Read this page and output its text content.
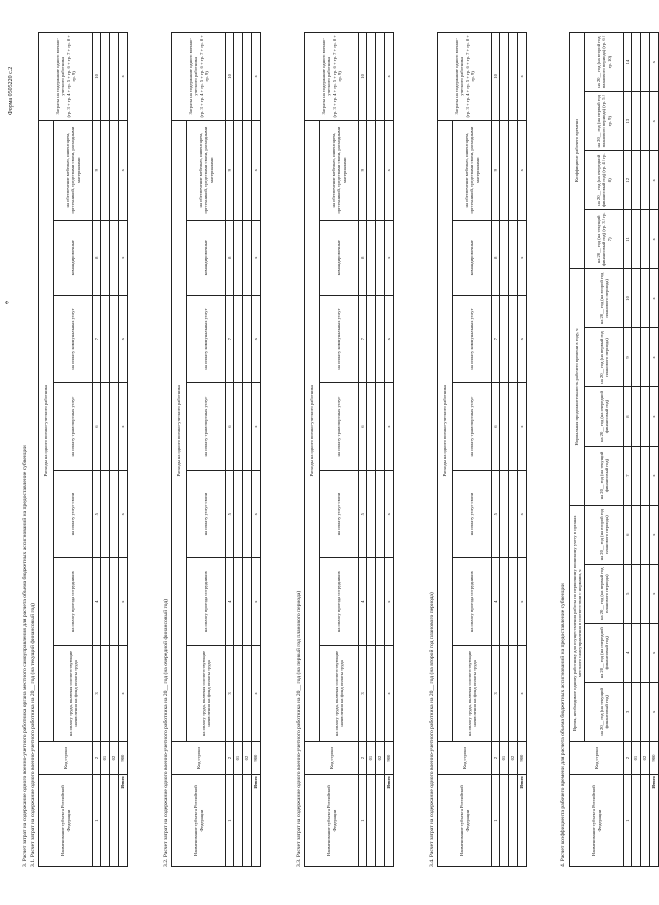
Форма 0505220 с.2
3. Расчет затрат на содержание одного военно-учетного работника органа местного самоуправления для расчета объема бюджетных ассигнований на предоставление субвенции 3.1. Расчет затрат на содержание одного военно-учетного работника на 20__ год (на текущий финансовый год)	Наименование субъекта Российской Федерации	Код строки	Расходы на одного военно-учетного работника							Затраты на содержание одного военно-учетного работника
(гр. 3 + гр. 4 + гр. 5 + гр. 6 + гр. 7 + гр. 8 + гр. 9)
		на оплату труда, включая соответствующие начисления на фонд оплаты труда	на оплату проезда сотрудников	на оплату услуг связи	на оплату транспортных услуг	на оплату коммунальных услуг	командировочные	на обеспечение мебелью, инвентарем, оргтехникой, средствами связи, расходными материалами	
1	2	3	4	5	6	7	8	9	10
	01								
	02								
Итого	900	x	x	x	x	x	x	x	x
3.2. Расчет затрат на содержание одного военно-учетного работника на 20__ год (на очередной финансовый год)	Наименование субъекта Российской Федерации	Код строки	Расходы на одного военно-учетного работника							Затраты на содержание одного военно-учетного работника
(гр. 3 + гр. 4 + гр. 5 + гр. 6 + гр. 7 + гр. 8 + гр. 9)
		на оплату труда, включая соответствующие начисления на фонд оплаты труда	на оплату проезда сотрудников	на оплату услуг связи	на оплату транспортных услуг	на оплату коммунальных услуг	командировочные	на обеспечение мебелью, инвентарем, оргтехникой, средствами связи, расходными материалами	
1	2	3	4	5	6	7	8	9	10
	01								
	02								
Итого	900	x	x	x	x	x	x	x	x
3.3. Расчет затрат на содержание одного военно-учетного работника на 20__ год (на первый год планового периода)	Наименование субъекта Российской Федерации	Код строки	Расходы на одного военно-учетного работника							Затраты на содержание одного военно-учетного работника
(гр. 3 + гр. 4 + гр. 5 + гр. 6 + гр. 7 + гр. 8 + гр. 9)
		на оплату труда, включая соответствующие начисления на фонд оплаты труда	на оплату проезда сотрудников	на оплату услуг связи	на оплату транспортных услуг	на оплату коммунальных услуг	командировочные	на обеспечение мебелью, инвентарем, оргтехникой, средствами связи, расходными материалами	
1	2	3	4	5	6	7	8	9	10
	01								
	02								
Итого	900	x	x	x	x	x	x	x	x
3.4. Расчет затрат на содержание одного военно-учетного работника на 20__ год (на второй год планового периода)	Наименование субъекта Российской Федерации	Код строки	Расходы на одного военно-учетного работника							Затраты на содержание одного военно-учетного работника
(гр. 3 + гр. 4 + гр. 5 + гр. 6 + гр. 7 + гр. 8 + гр. 9)
		на оплату труда, включая соответствующие начисления на фонд оплаты труда	на оплату проезда сотрудников	на оплату услуг связи	на оплату транспортных услуг	на оплату коммунальных услуг	командировочные	на обеспечение мебелью, инвентарем, оргтехникой, средствами связи, расходными материалами	
1	2	3	4	5	6	7	8	9	10
	01								
	02								
Итого	900	x	x	x	x	x	x	x	x
4. Расчет коэффициента рабочего времени для расчета объема бюджетных ассигнований на предоставление субвенции	Наименование субъекта Российской Федерации	Код строки	Время, необходимое одному работнику для осуществления работы по первичному воинскому учету в органах местного самоуправления в соответствии с нормами, ч				Нормальная продолжительность рабочего времени в году, ч				Коэффициент рабочего времени			
		на 20__ год (на текущий финансовый год)	на 20__ год (на очередной финансовый год)	на 20__ год (на первый год планового периода)	на 20__ год (на второй год планового периода)	на 20__ год (на текущий финансовый год)	на 20__ год (на очередной финансовый год)	на 20__ год (на первый год планового периода)	на 20__ год (на второй год планового периода)	на 20__ год (на текущий финансовый год) (гр. 3 / гр. 7)	на 20__ год (на очередной финансовый год) (гр. 4 / гр. 8)	на 20__ год (на первый год планового периода) (гр. 5 / гр. 9)	на 20__ год (на второй год планового периода) (гр. 6 / гр. 10)
1	2	3	4	5	6	7	8	9	10	11	12	13	14
	01												
	02												
Итого	900	x	x	x	x	x	x	x	x	x	x	x	x
Ф
